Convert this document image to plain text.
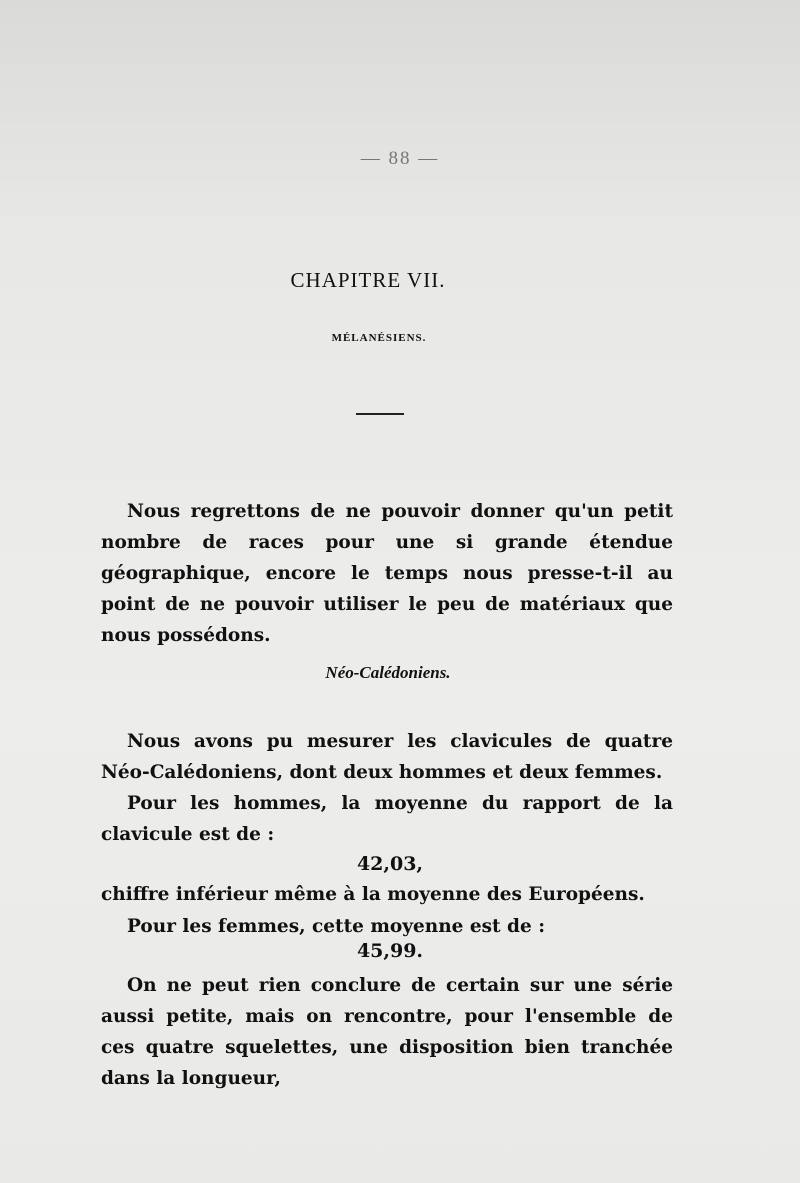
— 88 —
CHAPITRE VII.
MÉLANÉSIENS.

Nous regrettons de ne pouvoir donner qu'un petit nombre de races pour une si grande étendue géographique, encore le temps nous presse-t-il au point de ne pouvoir utiliser le peu de matériaux que nous possédons.

Néo-Calédoniens.

Nous avons pu mesurer les clavicules de quatre Néo-Calédoniens, dont deux hommes et deux femmes.

Pour les hommes, la moyenne du rapport de la clavicule est de :

42,03,

chiffre inférieur même à la moyenne des Européens.

Pour les femmes, cette moyenne est de :

45,99.

On ne peut rien conclure de certain sur une série aussi petite, mais on rencontre, pour l'ensemble de ces quatre squelettes, une disposition bien tranchée dans la longueur,
